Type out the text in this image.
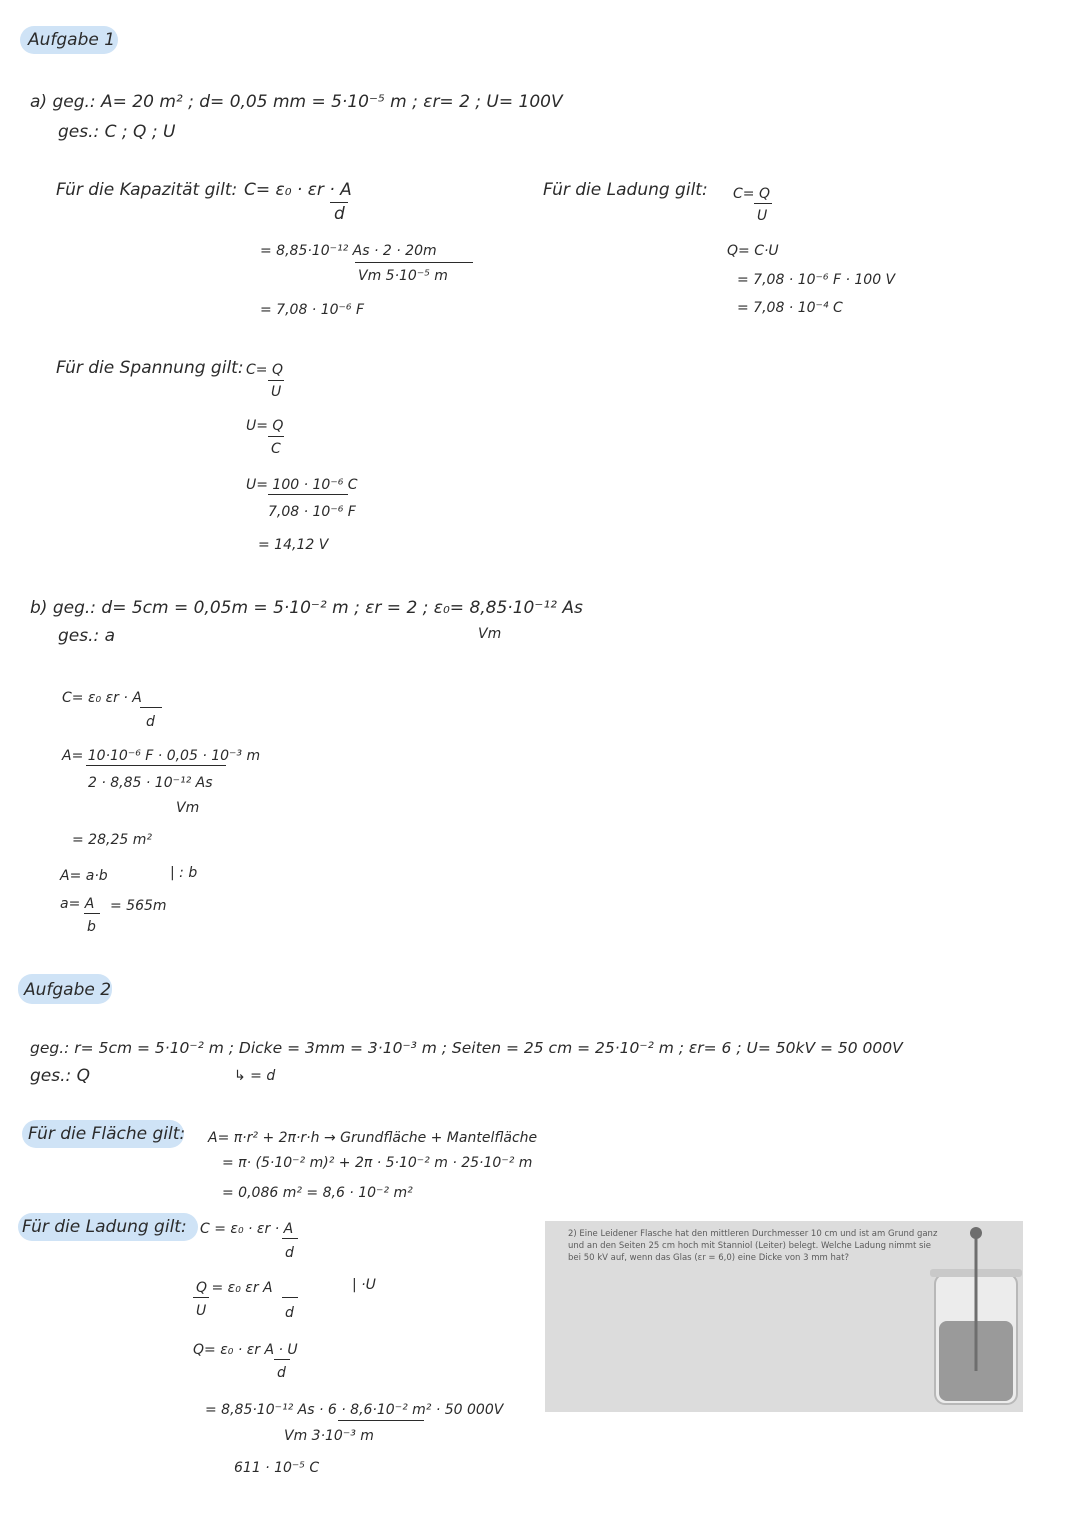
Aufgabe 1
a) geg.: A= 20 m² ; d= 0,05 mm = 5·10⁻⁵ m ; εr= 2 ; U= 100V
ges.: C ; Q ; U
Für die Kapazität gilt: C= ε₀ · εr · A
d
= 8,85·10⁻¹² As · 2 · 20m
Vm 5·10⁻⁵ m
= 7,08 · 10⁻⁶ F
Für die Ladung gilt: C= Q
U
Q= C·U
= 7,08 · 10⁻⁶ F · 100 V
= 7,08 · 10⁻⁴ C
Für die Spannung gilt: C= Q
U
U= Q
C
U= 100 · 10⁻⁶ C
7,08 · 10⁻⁶ F
= 14,12 V
b) geg.: d= 5cm = 0,05m = 5·10⁻² m ; εr = 2 ; ε₀= 8,85·10⁻¹² As
Vm
ges.: a
C= ε₀ εr · A
d
A= 10·10⁻⁶ F · 0,05 · 10⁻³ m
2 · 8,85 · 10⁻¹² As
Vm
= 28,25 m²
A= a·b	| : b
a= A
b
= 565m
Aufgabe 2
geg.: r= 5cm = 5·10⁻² m ; Dicke = 3mm = 3·10⁻³ m ; Seiten = 25 cm = 25·10⁻² m ; εr= 6 ; U= 50kV = 50 000V
ges.: Q	↳ = d
Für die Fläche gilt: A= π·r² + 2π·r·h → Grundfläche + Mantelfläche
= π· (5·10⁻² m)² + 2π · 5·10⁻² m · 25·10⁻² m
= 0,086 m² = 8,6 · 10⁻² m²
Für die Ladung gilt: C = ε₀ · εr · A
d
Q = ε₀ εr A
U	d
| ·U
Q= ε₀ · εr A · U
d
= 8,85·10⁻¹² As · 6 · 8,6·10⁻² m² · 50 000V
Vm 3·10⁻³ m
611 · 10⁻⁵ C
2) Eine Leidener Flasche hat den mittleren Durchmesser 10 cm und ist am Grund ganz und an den Seiten 25 cm hoch mit Stanniol (Leiter) belegt. Welche Ladung nimmt sie bei 50 kV auf, wenn das Glas (εr = 6,0) eine Dicke von 3 mm hat?
